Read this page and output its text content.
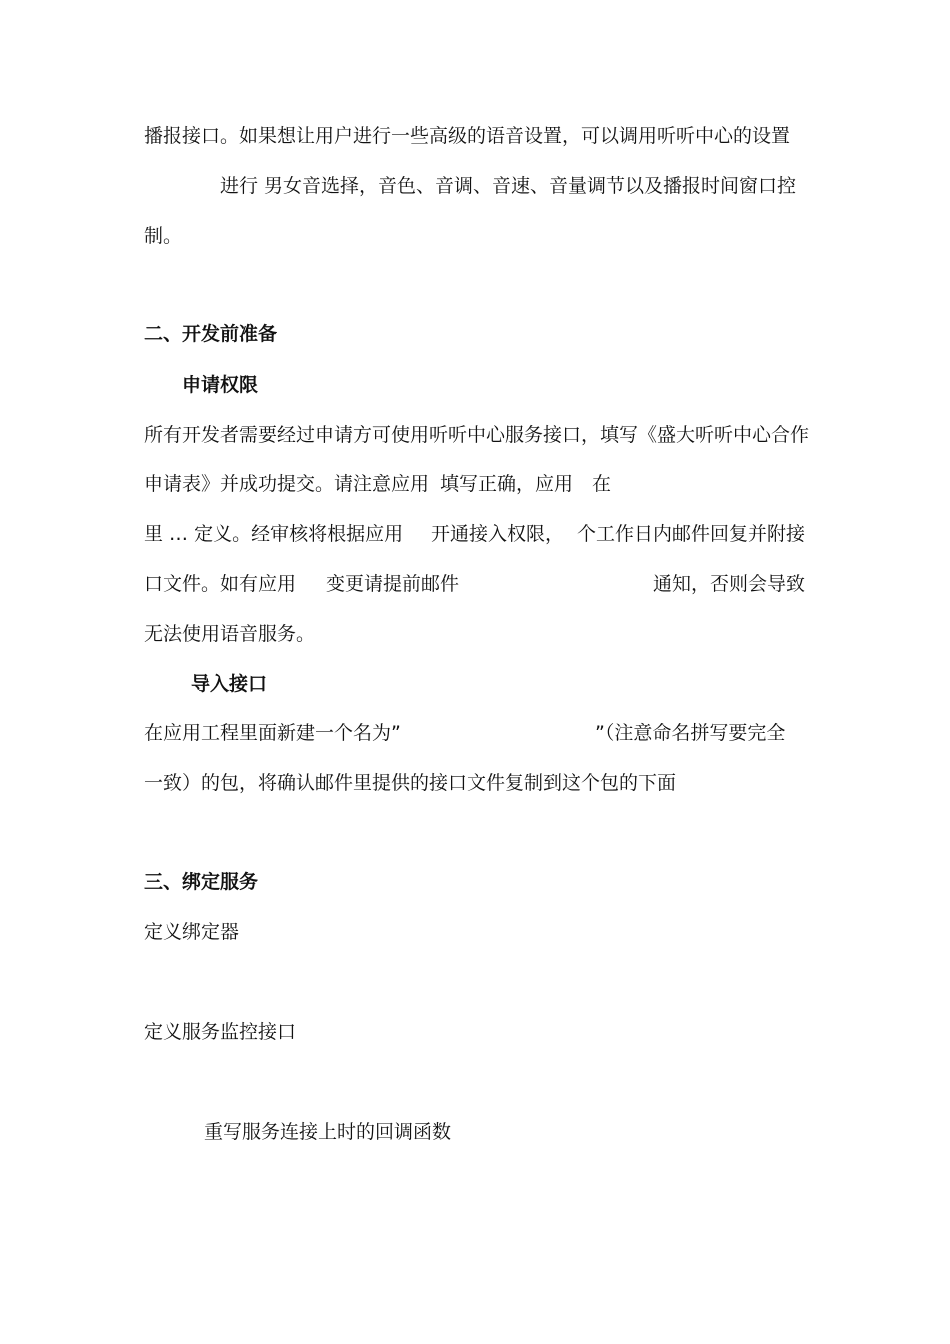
播报接口。如果想让用户进行一些高级的语音设置，可以调用听听中心的设置
进行 男女音选择，音色、音调、音速、音量调节以及播报时间窗口控
制。
二、开发前准备
申请权限
所有开发者需要经过申请方可使用听听中心服务接口，填写《盛大听听中心合作
申请表》并成功提交。请注意应用 填写正确，应用 在
里 … 定义。经审核将根据应用 开通接入权限， 个工作日内邮件回复并附接
口文件。如有应用 变更请提前邮件	通知，否则会导致
无法使用语音服务。
导入接口
在应用工程里面新建一个名为”	”（注意命名拼写要完全
一致）的包，将确认邮件里提供的接口文件复制到这个包的下面
三、绑定服务
定义绑定器
定义服务监控接口
重写服务连接上时的回调函数
